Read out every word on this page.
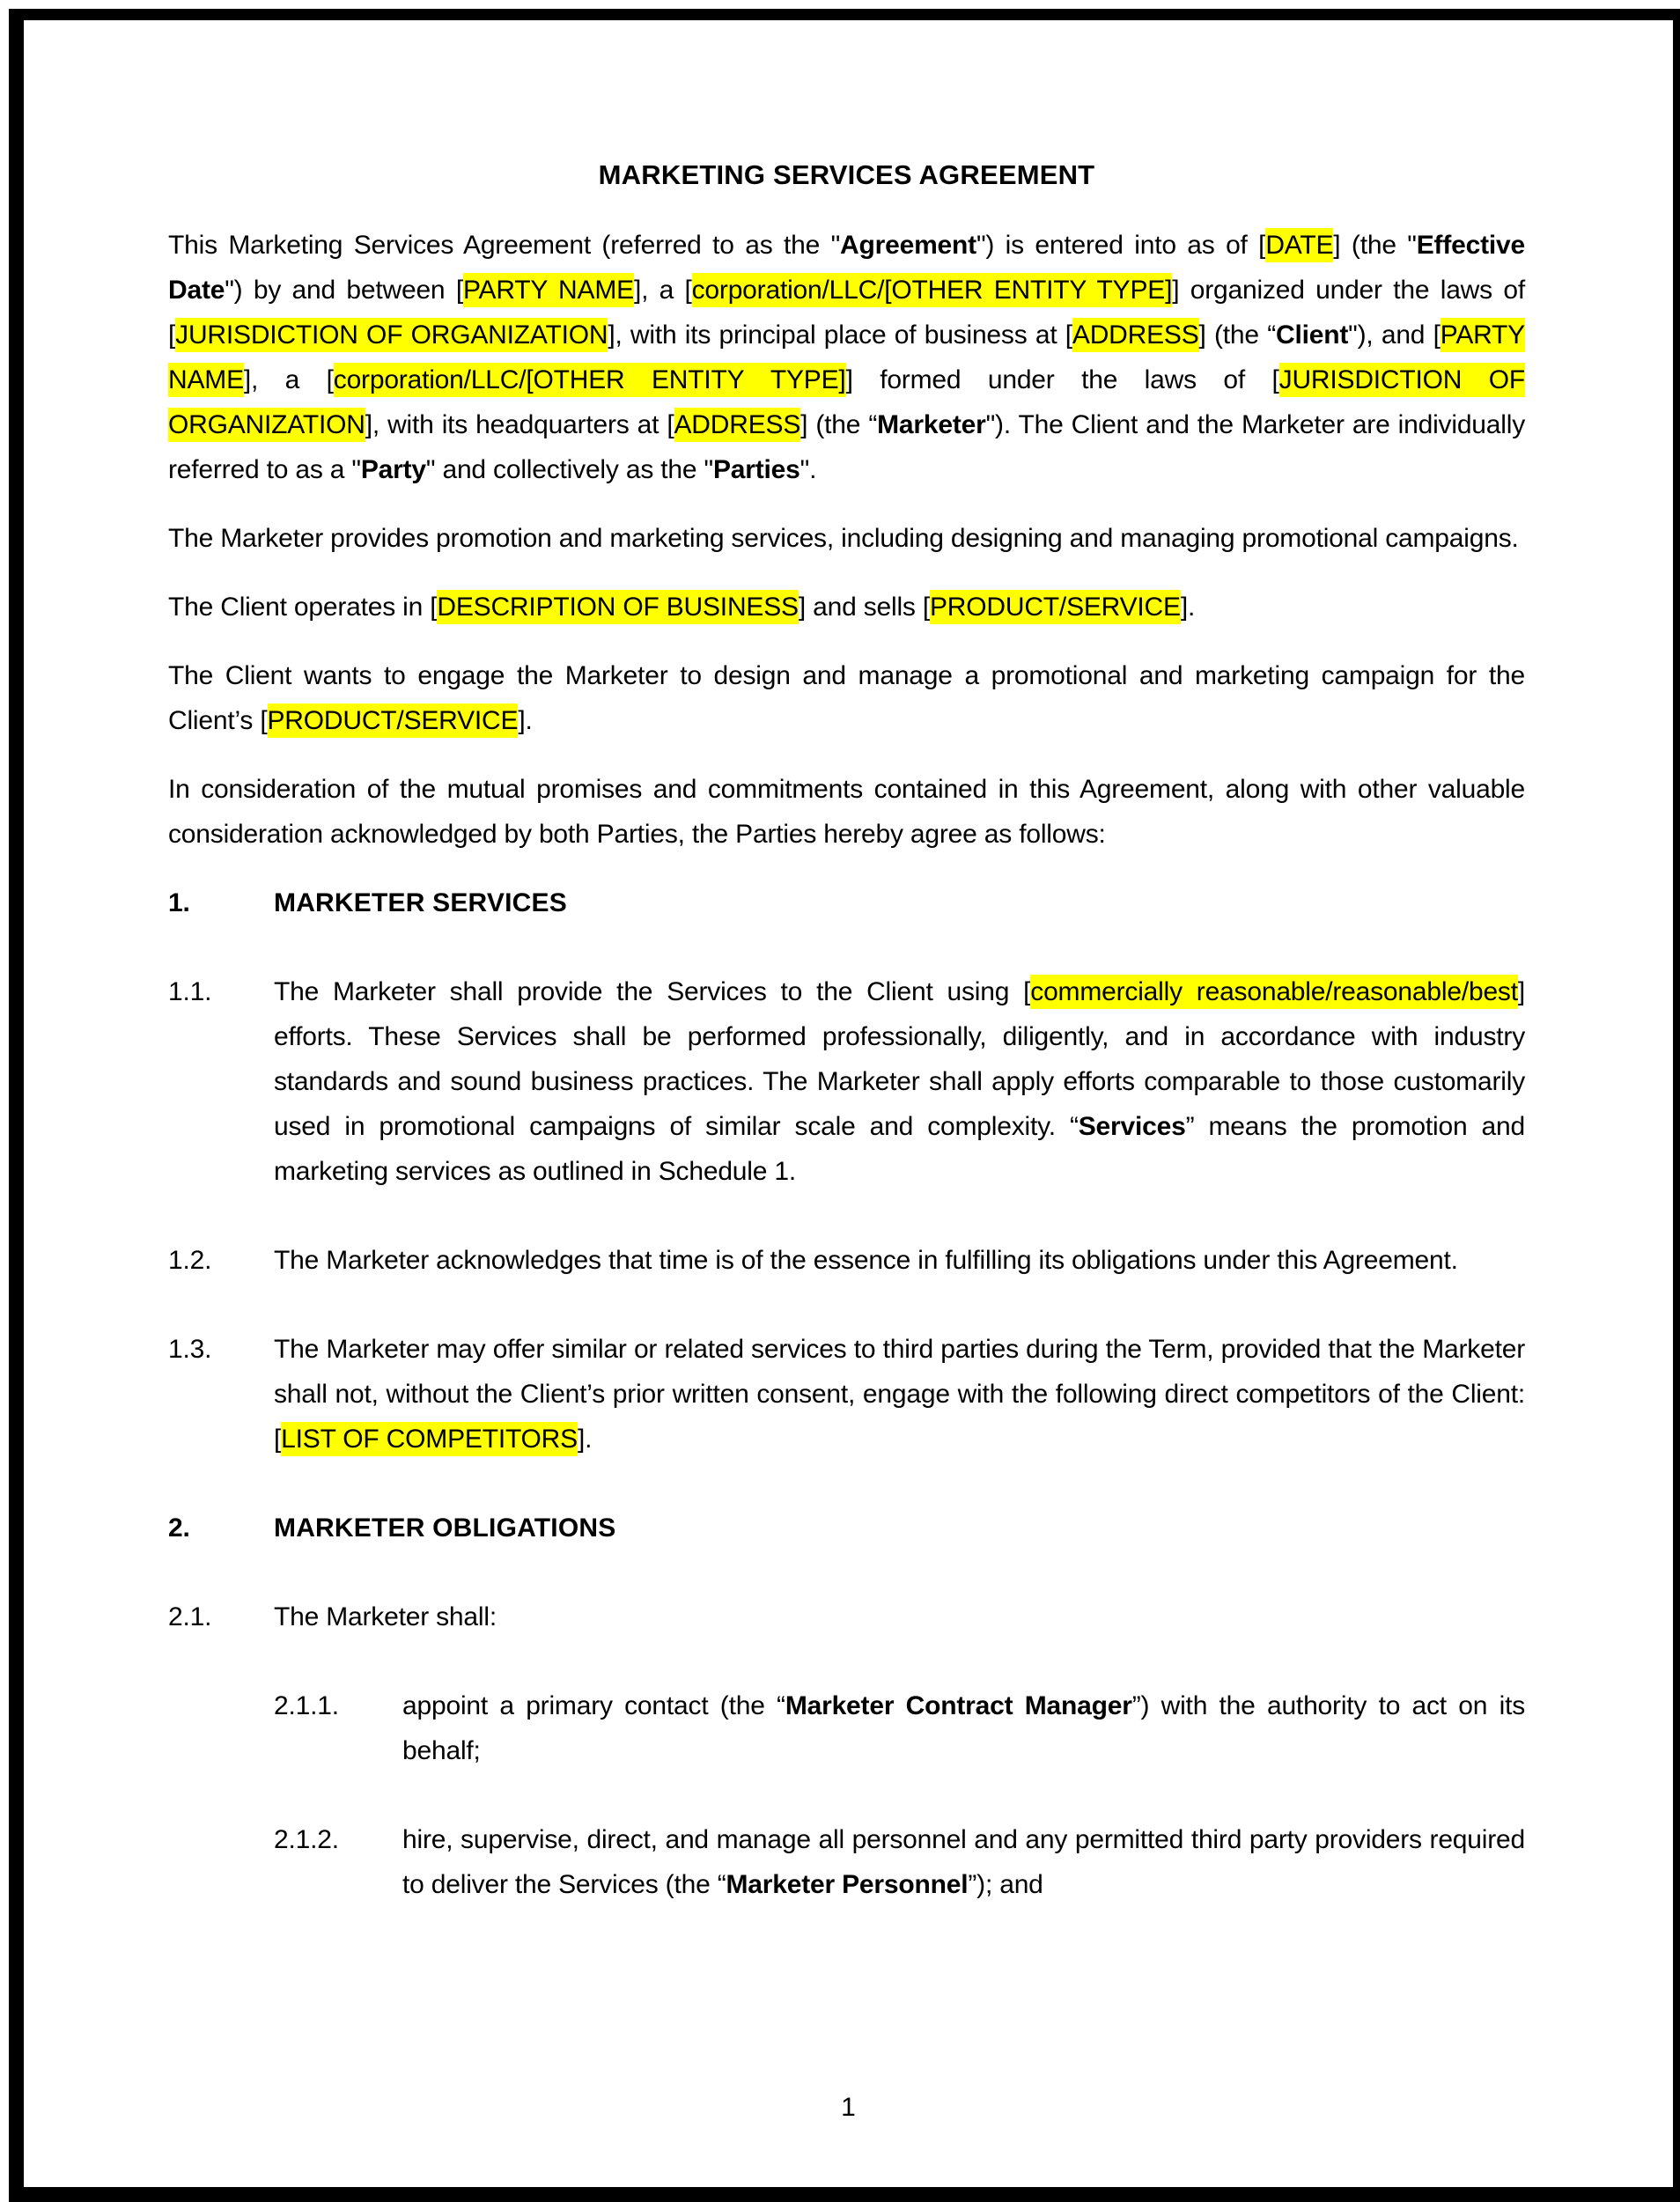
MARKETING SERVICES AGREEMENT

This Marketing Services Agreement (referred to as the "Agreement") is entered into as of [DATE] (the "Effective Date") by and between [PARTY NAME], a [corporation/LLC/[OTHER ENTITY TYPE]] organized under the laws of [JURISDICTION OF ORGANIZATION], with its principal place of business at [ADDRESS] (the “Client"), and [PARTY NAME], a [corporation/LLC/[OTHER ENTITY TYPE]] formed under the laws of [JURISDICTION OF ORGANIZATION], with its headquarters at [ADDRESS] (the “Marketer"). The Client and the Marketer are individually referred to as a "Party" and collectively as the "Parties".

The Marketer provides promotion and marketing services, including designing and managing promotional campaigns.

The Client operates in [DESCRIPTION OF BUSINESS] and sells [PRODUCT/SERVICE].

The Client wants to engage the Marketer to design and manage a promotional and marketing campaign for the Client’s [PRODUCT/SERVICE].

In consideration of the mutual promises and commitments contained in this Agreement, along with other valuable consideration acknowledged by both Parties, the Parties hereby agree as follows:

1.	MARKETER SERVICES
1.1.	The Marketer shall provide the Services to the Client using [commercially reasonable/reasonable/best] efforts. These Services shall be performed professionally, diligently, and in accordance with industry standards and sound business practices. The Marketer shall apply efforts comparable to those customarily used in promotional campaigns of similar scale and complexity. “Services” means the promotion and marketing services as outlined in Schedule 1.
1.2.	The Marketer acknowledges that time is of the essence in fulfilling its obligations under this Agreement.
1.3.	The Marketer may offer similar or related services to third parties during the Term, provided that the Marketer shall not, without the Client’s prior written consent, engage with the following direct competitors of the Client: [LIST OF COMPETITORS].
2.	MARKETER OBLIGATIONS
2.1.	The Marketer shall:
2.1.1.	appoint a primary contact (the “Marketer Contract Manager”) with the authority to act on its behalf;
2.1.2.	hire, supervise, direct, and manage all personnel and any permitted third party providers required to deliver the Services (the “Marketer Personnel”); and
1
